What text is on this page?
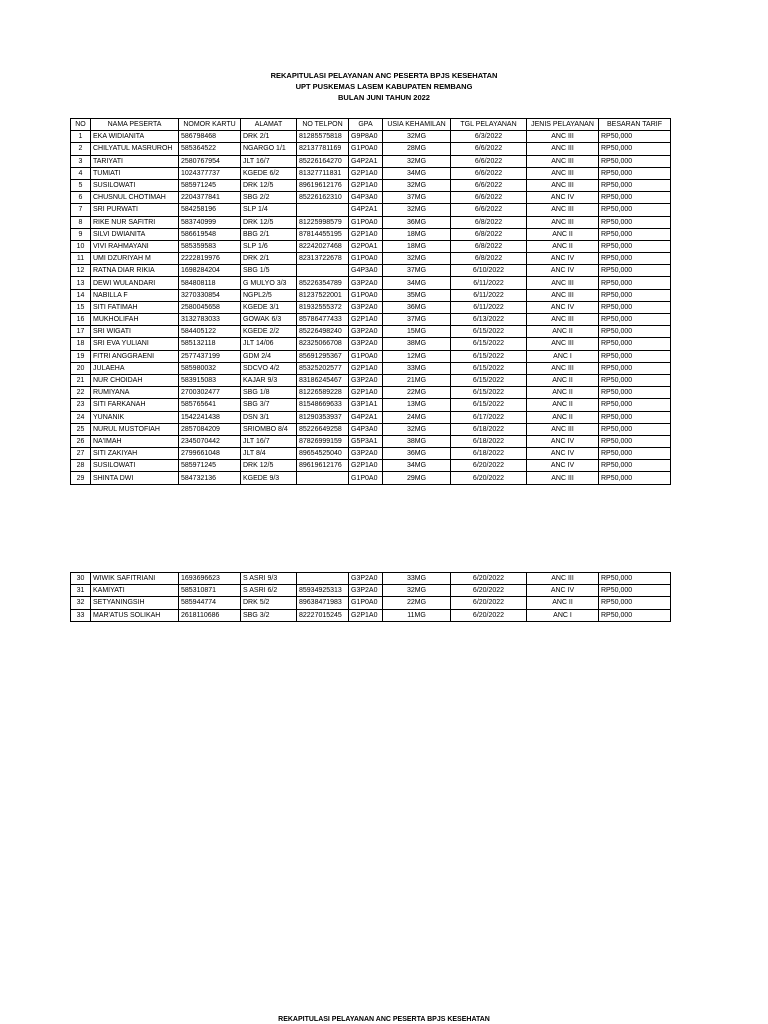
REKAPITULASI PELAYANAN ANC PESERTA BPJS KESEHATAN
UPT PUSKEMAS LASEM KABUPATEN REMBANG
BULAN JUNI TAHUN 2022
NO	NAMA PESERTA	NOMOR KARTU	ALAMAT	NO TELPON	GPA	USIA KEHAMILAN	TGL PELAYANAN	JENIS PELAYANAN	BESARAN TARIF
1	EKA WIDIANITA	586798468	DRK 2/1	81285575818	G9P8A0	32MG	6/3/2022	ANC III	RP50,000
2	CHILYATUL MASRUROH	585364522	NGARGO 1/1	82137781169	G1P0A0	28MG	6/6/2022	ANC III	RP50,000
3	TARIYATI	2580767954	JLT 16/7	85226164270	G4P2A1	32MG	6/6/2022	ANC III	RP50,000
4	TUMIATI	1024377737	KGEDE 6/2	81327711831	G2P1A0	34MG	6/6/2022	ANC III	RP50,000
5	SUSILOWATI	585971245	DRK 12/5	89619612176	G2P1A0	32MG	6/6/2022	ANC III	RP50,000
6	CHUSNUL CHOTIMAH	2204377841	SBG 2/2	85226162310	G4P3A0	37MG	6/6/2022	ANC IV	RP50,000
7	SRI PURWATI	584258196	SLP 1/4		G4P2A1	32MG	6/6/2022	ANC III	RP50,000
8	RIKE NUR SAFITRI	583740999	DRK 12/5	81225998579	G1P0A0	36MG	6/8/2022	ANC III	RP50,000
9	SILVI DWIANITA	586619548	BBG 2/1	87814455195	G2P1A0	18MG	6/8/2022	ANC II	RP50,000
10	VIVI RAHMAYANI	585359583	SLP 1/6	82242027468	G2P0A1	18MG	6/8/2022	ANC II	RP50,000
11	UMI DZURIYAH M	2222819976	DRK 2/1	82313722678	G1P0A0	32MG	6/8/2022	ANC IV	RP50,000
12	RATNA DIAR RIKIA	1698284204	SBG 1/5		G4P3A0	37MG	6/10/2022	ANC IV	RP50,000
13	DEWI WULANDARI	584808118	G MULYO 3/3	85226354789	G3P2A0	34MG	6/11/2022	ANC III	RP50,000
14	NABILLA F	3270330854	NGPL2/5	81237522001	G1P0A0	35MG	6/11/2022	ANC III	RP50,000
15	SITI FATIMAH	2580045658	KGEDE 3/1	81932555372	G3P2A0	36MG	6/11/2022	ANC IV	RP50,000
16	MUKHOLIFAH	3132783033	GOWAK 6/3	85786477433	G2P1A0	37MG	6/13/2022	ANC III	RP50,000
17	SRI WIGATI	584405122	KGEDE 2/2	85226498240	G3P2A0	15MG	6/15/2022	ANC II	RP50,000
18	SRI EVA YULIANI	585132118	JLT 14/06	82325066708	G3P2A0	38MG	6/15/2022	ANC III	RP50,000
19	FITRI ANGGRAENI	2577437199	GDM 2/4	85691295367	G1P0A0	12MG	6/15/2022	ANC I	RP50,000
20	JULAEHA	585980032	SDCVO 4/2	85325202577	G2P1A0	33MG	6/15/2022	ANC III	RP50,000
21	NUR CHOIDAH	583915083	KAJAR 9/3	83186245467	G3P2A0	21MG	6/15/2022	ANC II	RP50,000
22	RUMIYANA	2700302477	SBG 1/8	81226589228	G2P1A0	22MG	6/15/2022	ANC II	RP50,000
23	SITI FARKANAH	585765641	SBG 3/7	81548669633	G3P1A1	13MG	6/15/2022	ANC II	RP50,000
24	YUNANIK	1542241438	DSN 3/1	81290353937	G4P2A1	24MG	6/17/2022	ANC II	RP50,000
25	NURUL MUSTOFIAH	2857084209	SRIOMBO 8/4	85226649258	G4P3A0	32MG	6/18/2022	ANC III	RP50,000
26	NA'IMAH	2345070442	JLT 16/7	87826999159	G5P3A1	38MG	6/18/2022	ANC IV	RP50,000
27	SITI ZAKIYAH	2799661048	JLT 8/4	89654525040	G3P2A0	36MG	6/18/2022	ANC IV	RP50,000
28	SUSILOWATI	585971245	DRK 12/5	89619612176	G2P1A0	34MG	6/20/2022	ANC IV	RP50,000
29	SHINTA DWI	584732136	KGEDE 9/3		G1P0A0	29MG	6/20/2022	ANC III	RP50,000
30	WIWIK SAFITRIANI	1693696623	S ASRI 9/3		G3P2A0	33MG	6/20/2022	ANC III	RP50,000
31	KAMIYATI	585310871	S ASRI 6/2	85934925313	G3P2A0	32MG	6/20/2022	ANC IV	RP50,000
32	SETYANINGSIH	585944774	DRK 5/2	89638471983	G1P0A0	22MG	6/20/2022	ANC II	RP50,000
33	MAR'ATUS SOLIKAH	2618110686	SBG 3/2	82227015245	G2P1A0	11MG	6/20/2022	ANC I	RP50,000
REKAPITULASI PELAYANAN ANC PESERTA BPJS KESEHATAN
